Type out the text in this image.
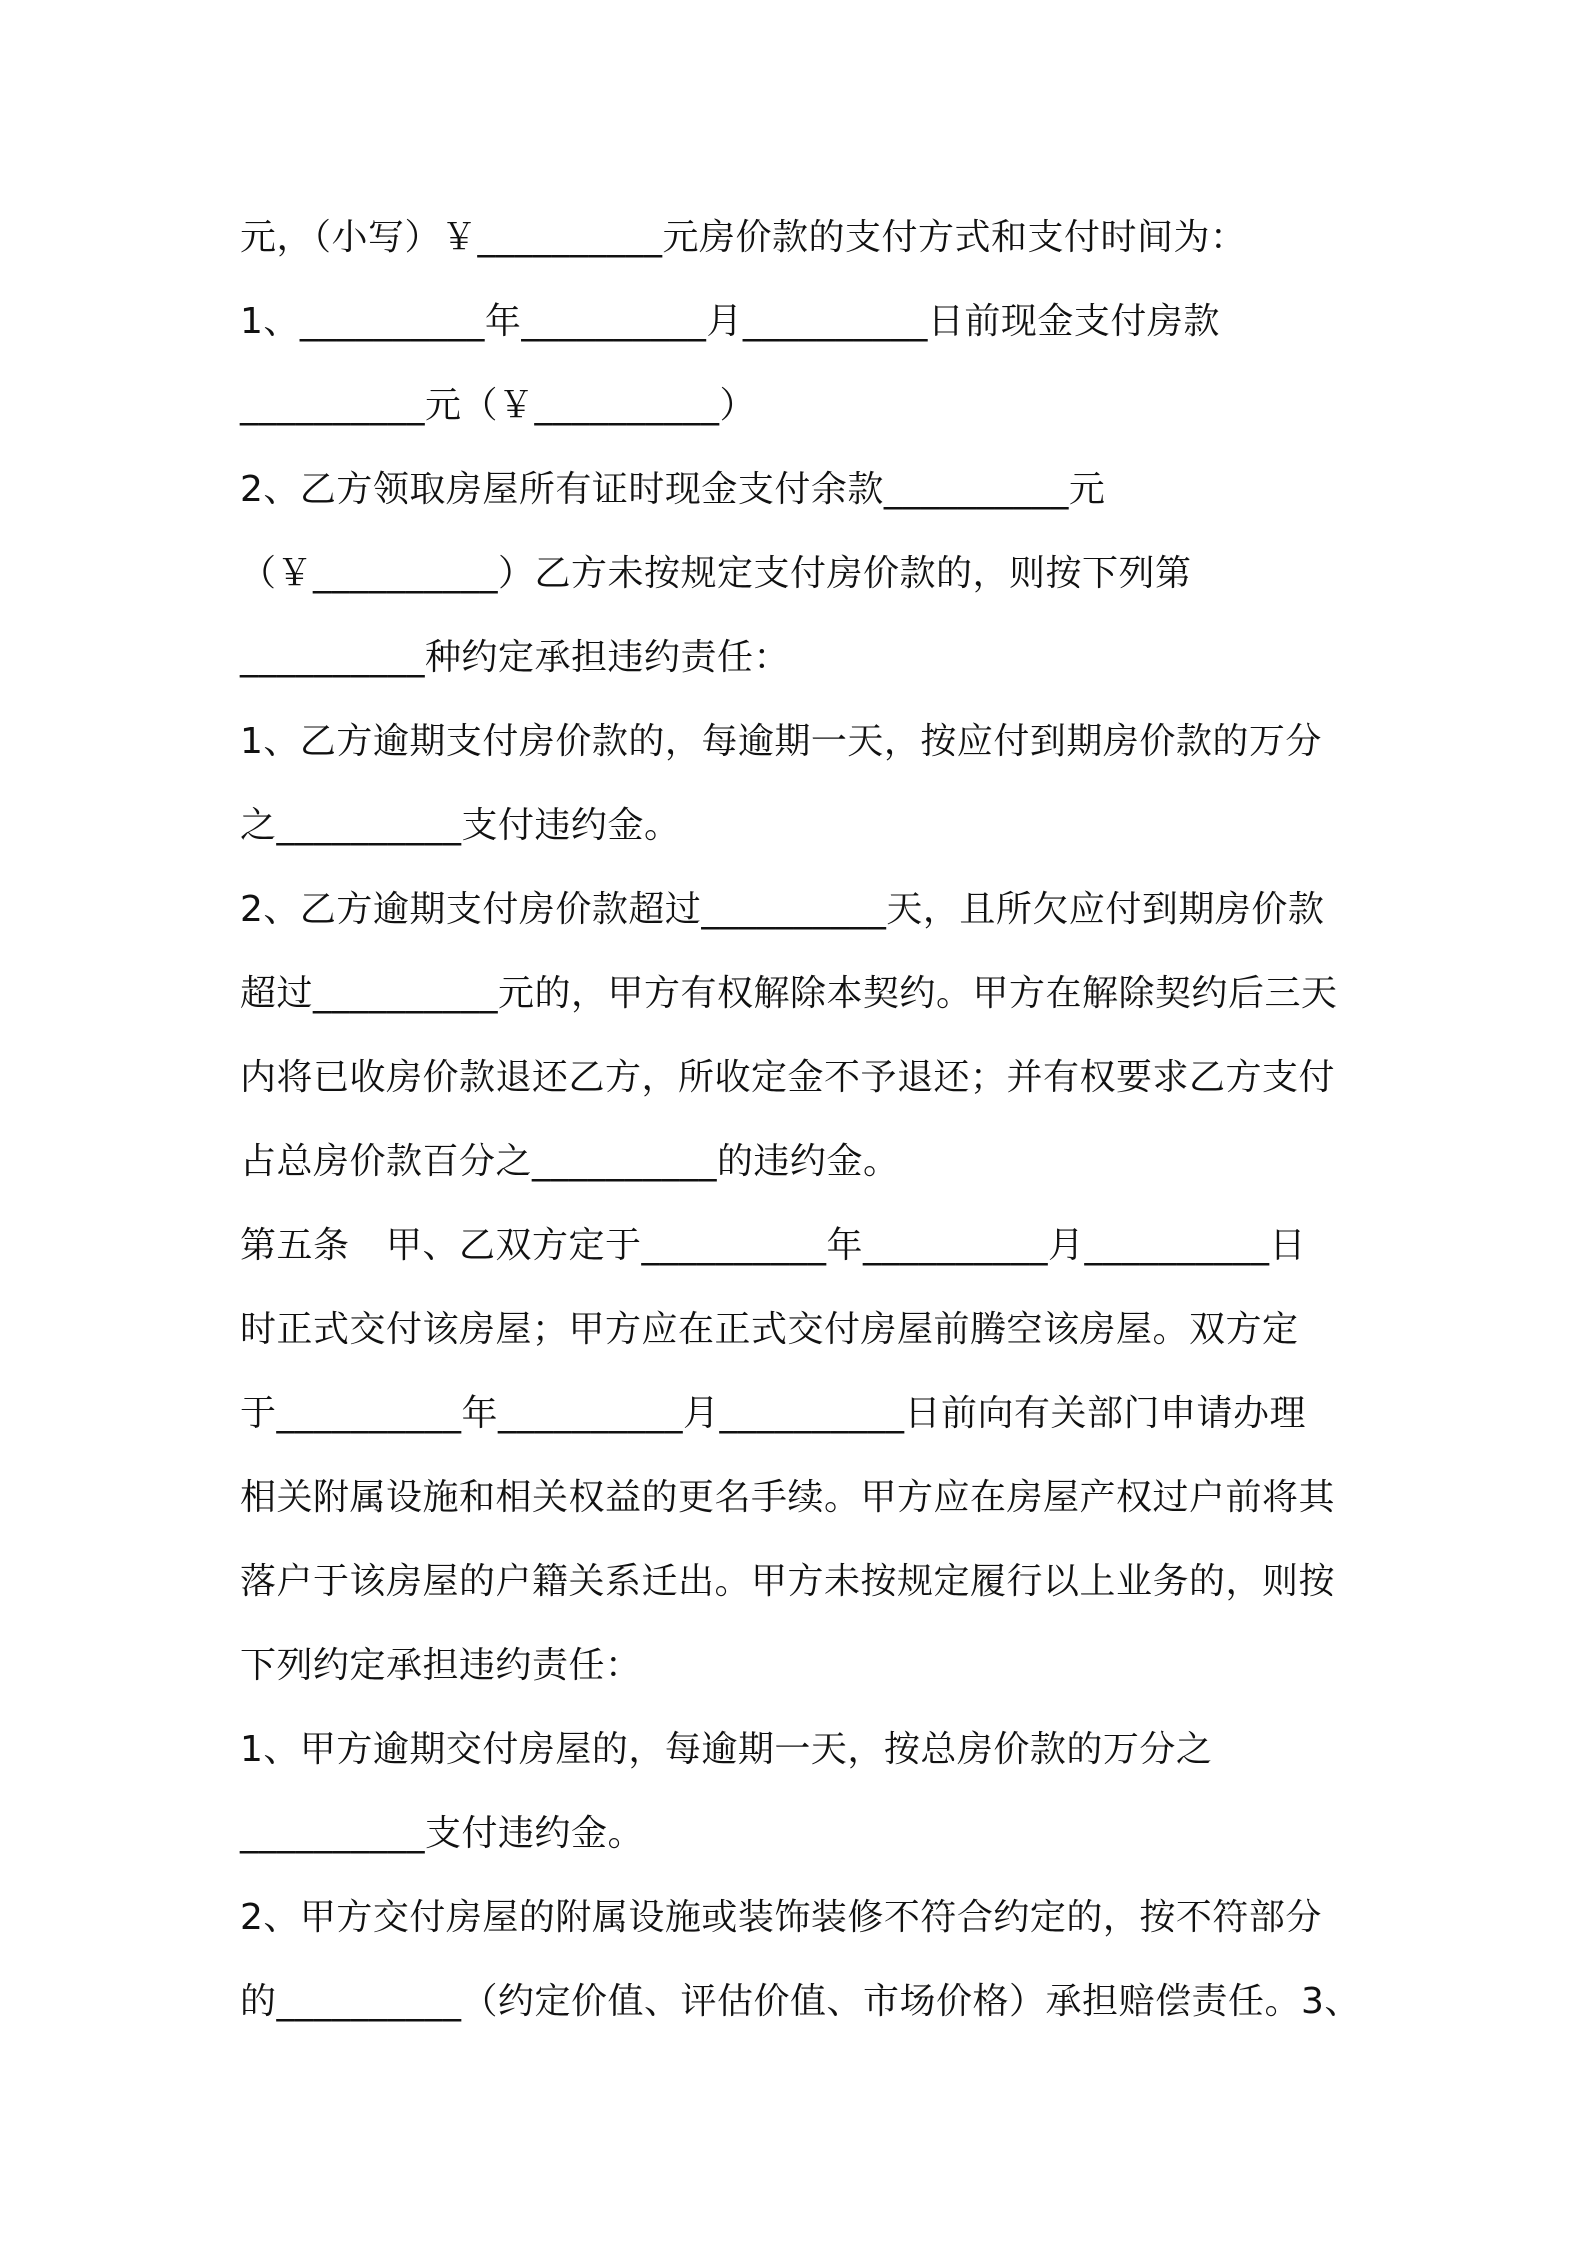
元，（小写）￥__________元房价款的支付方式和支付时间为：
1、__________年__________月__________日前现金支付房款
__________元（￥__________）
2、乙方领取房屋所有证时现金支付余款__________元
（￥__________）乙方未按规定支付房价款的，则按下列第
__________种约定承担违约责任：
1、乙方逾期支付房价款的，每逾期一天，按应付到期房价款的万分
之__________支付违约金。
2、乙方逾期支付房价款超过__________天，且所欠应付到期房价款
超过__________元的，甲方有权解除本契约。甲方在解除契约后三天
内将已收房价款退还乙方，所收定金不予退还；并有权要求乙方支付
占总房价款百分之__________的违约金。
第五条　甲、乙双方定于__________年__________月__________日
时正式交付该房屋；甲方应在正式交付房屋前腾空该房屋。双方定
于__________年__________月__________日前向有关部门申请办理
相关附属设施和相关权益的更名手续。甲方应在房屋产权过户前将其
落户于该房屋的户籍关系迁出。甲方未按规定履行以上业务的，则按
下列约定承担违约责任：
1、甲方逾期交付房屋的，每逾期一天，按总房价款的万分之
__________支付违约金。
2、甲方交付房屋的附属设施或装饰装修不符合约定的，按不符部分
的__________（约定价值、评估价值、市场价格）承担赔偿责任。3、
